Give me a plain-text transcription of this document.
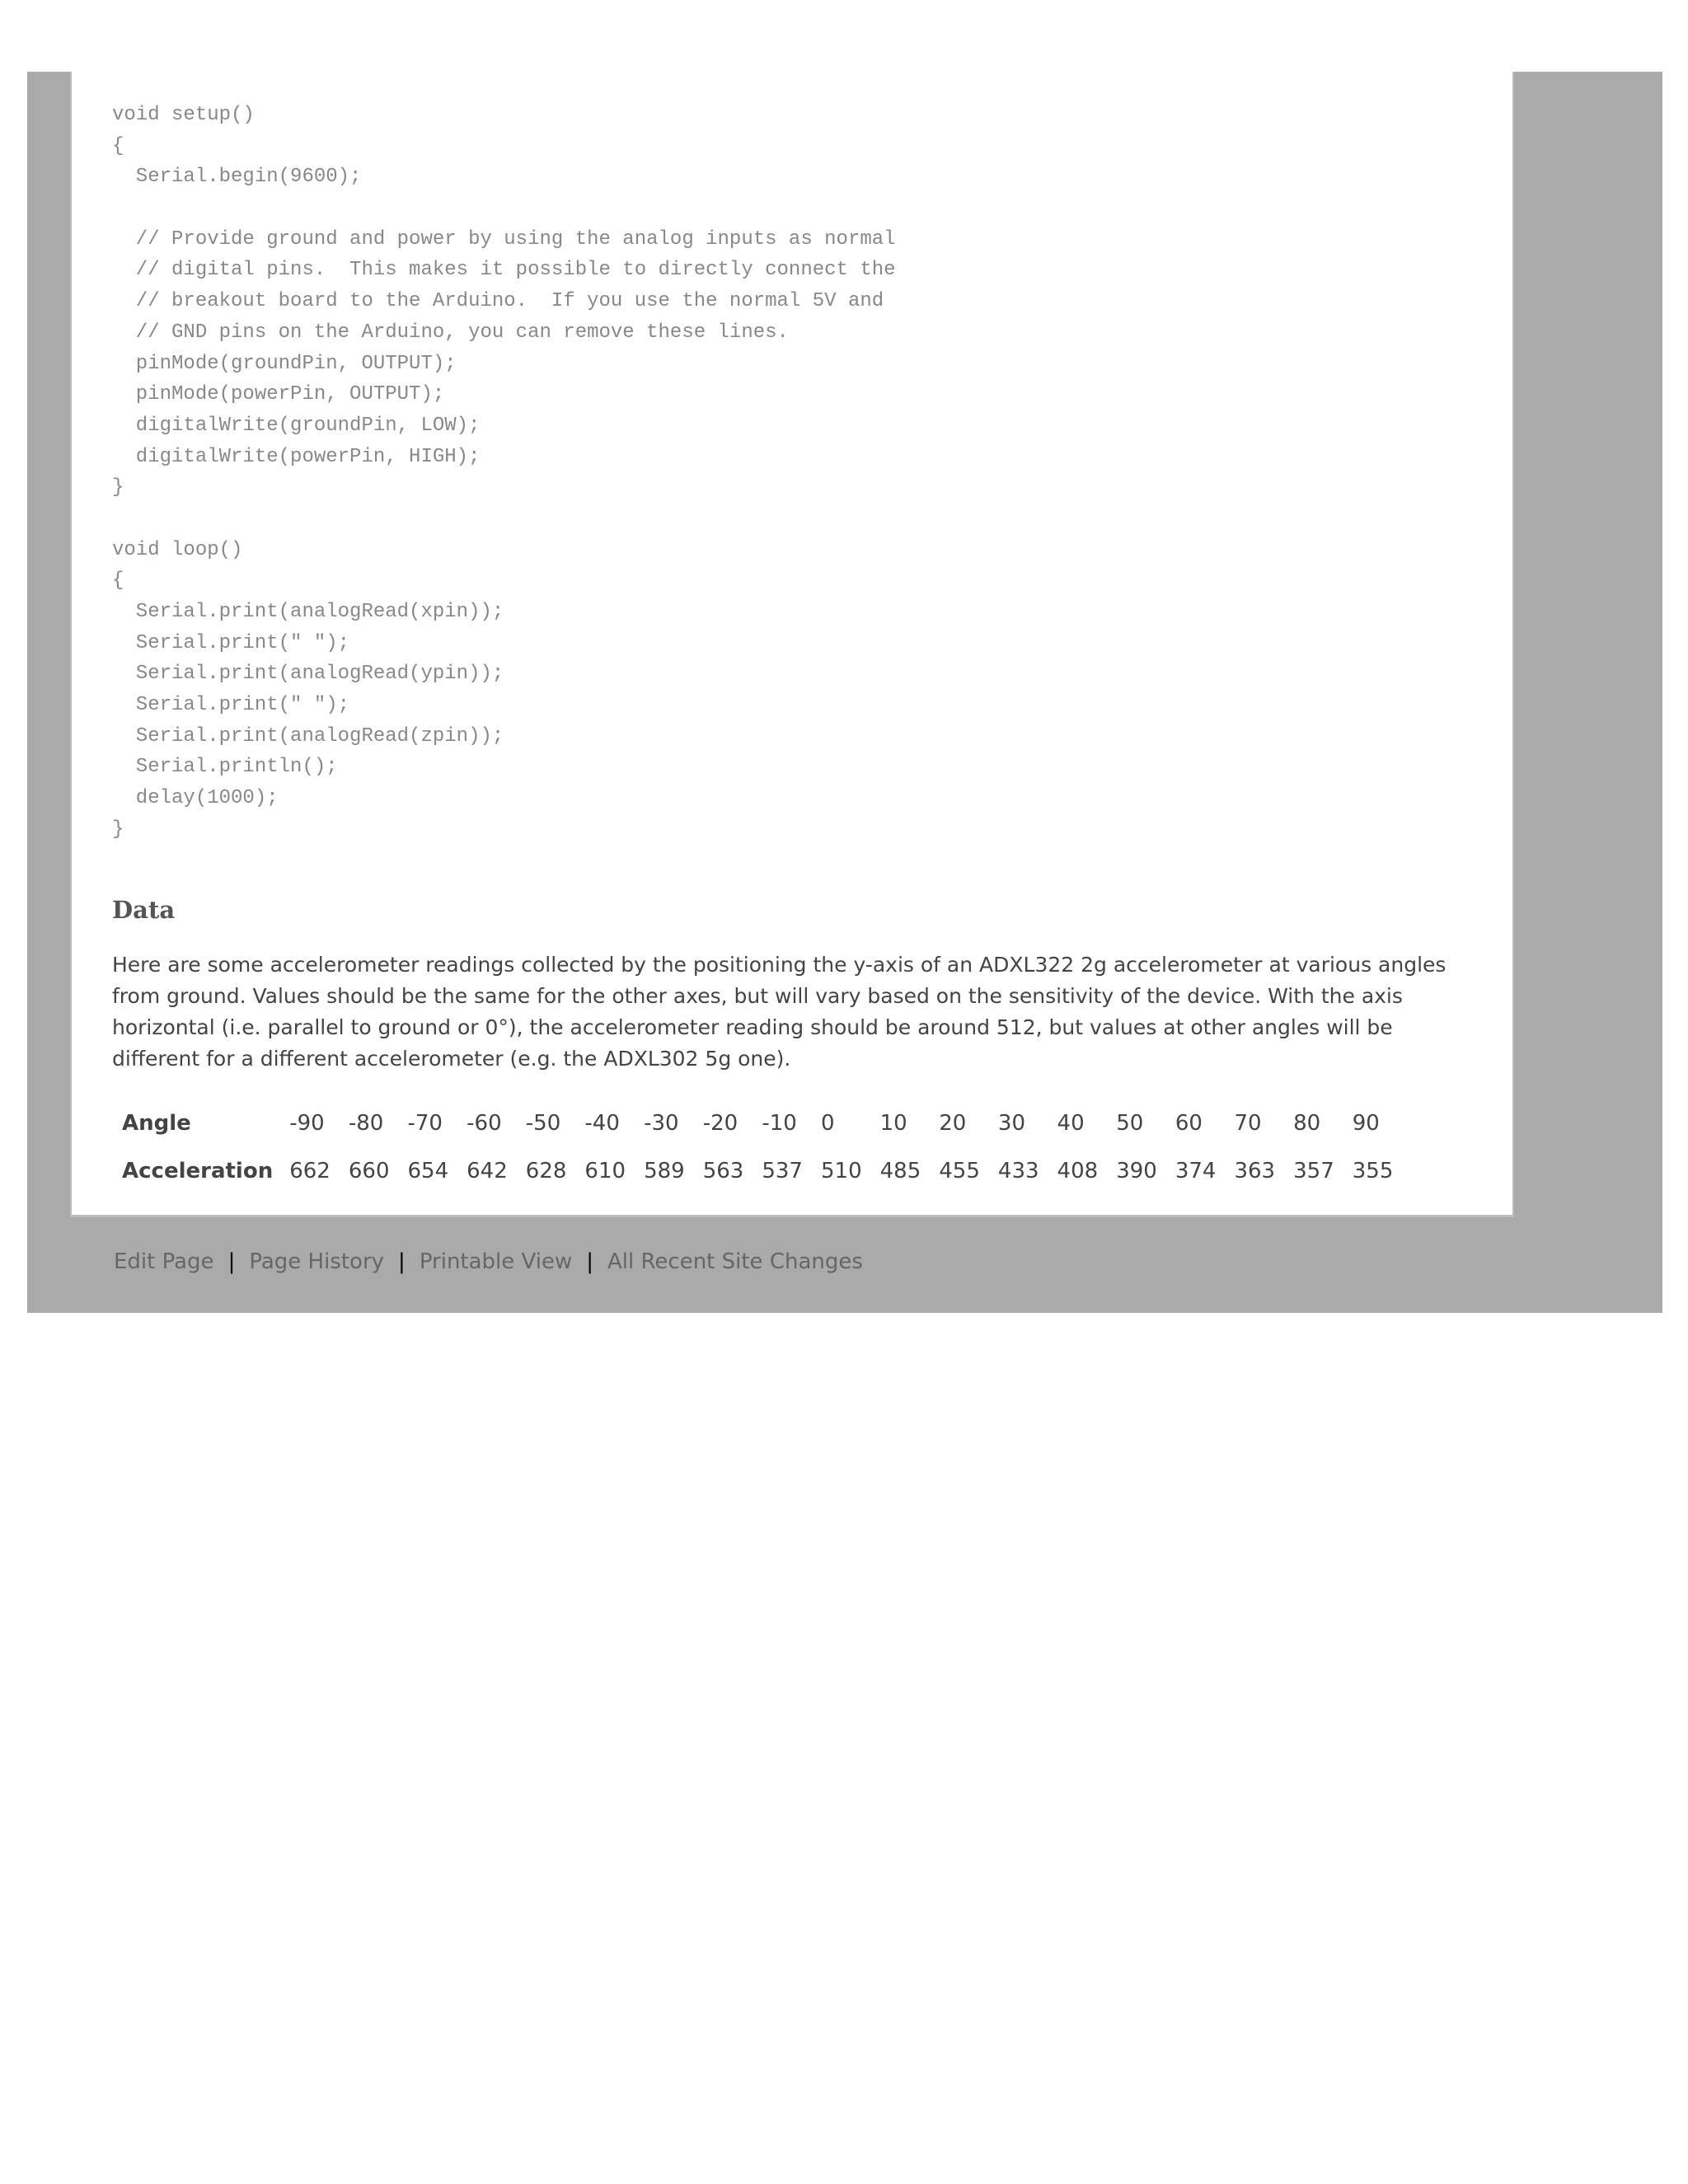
void setup()
{
Serial.begin(9600);
// Provide ground and power by using the analog inputs as normal
// digital pins.  This makes it possible to directly connect the
// breakout board to the Arduino.  If you use the normal 5V and
// GND pins on the Arduino, you can remove these lines.
pinMode(groundPin, OUTPUT);
pinMode(powerPin, OUTPUT);
digitalWrite(groundPin, LOW);
digitalWrite(powerPin, HIGH);
}
void loop()
{
Serial.print(analogRead(xpin));
Serial.print(" ");
Serial.print(analogRead(ypin));
Serial.print(" ");
Serial.print(analogRead(zpin));
Serial.println();
delay(1000);
}
Data

Here are some accelerometer readings collected by the positioning the y-axis of an ADXL322 2g accelerometer at various angles from ground. Values should be the same for the other axes, but will vary based on the sensitivity of the device. With the axis horizontal (i.e. parallel to ground or 0°), the accelerometer reading should be around 512, but values at other angles will be different for a different accelerometer (e.g. the ADXL302 5g one).

Angle	-90	-80	-70	-60	-50	-40	-30	-20	-10	0	10	20	30	40	50	60	70	80	90
Acceleration	662	660	654	642	628	610	589	563	537	510	485	455	433	408	390	374	363	357	355
Edit Page | Page History | Printable View | All Recent Site Changes
